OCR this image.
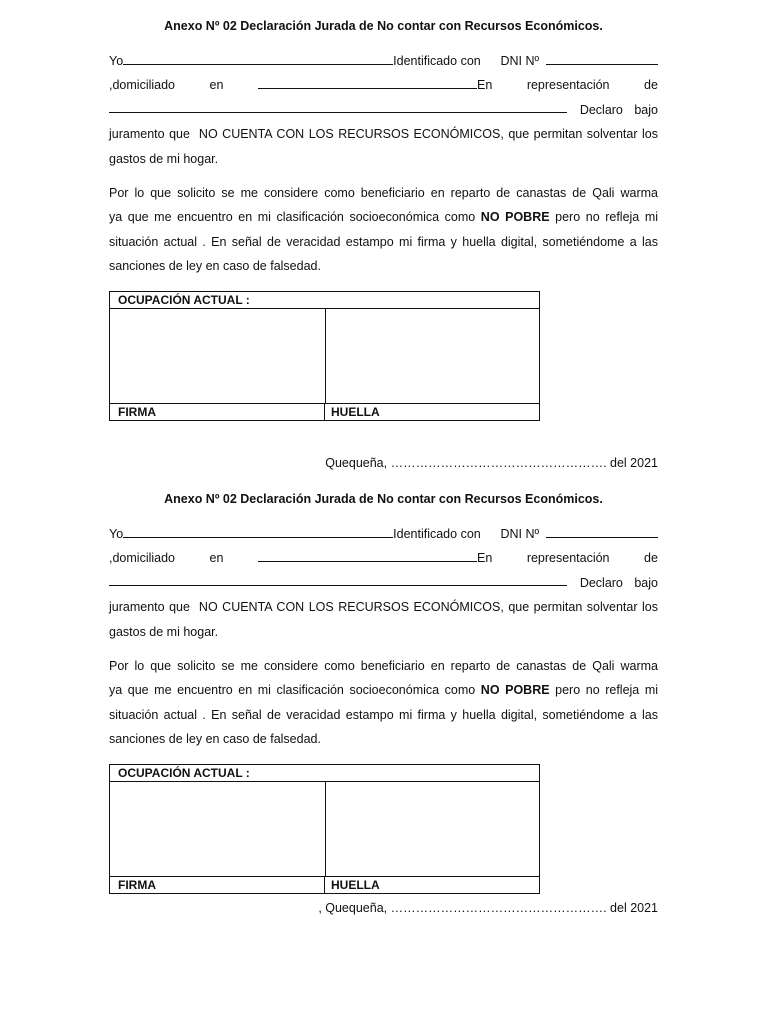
Anexo Nº 02 Declaración Jurada de No contar con Recursos Económicos.
Yo	Identificado con DNI Nº
,domiciliado	en	En	representación	de
Declaro bajo
juramento que NO CUENTA CON LOS RECURSOS ECONÓMICOS, que permitan solventar los
gastos de mi hogar.
Por lo que solicito se me considere como beneficiario en reparto de canastas de Qali warma
ya que me encuentro en mi clasificación socioeconómica como NO POBRE pero no refleja mi
situación actual . En señal de veracidad estampo mi firma y huella digital, sometiéndome a las
sanciones de ley en caso de falsedad.
OCUPACIÓN ACTUAL :
FIRMA	HUELLA
Quequeña, ……………………………………………. del 2021
Anexo Nº 02 Declaración Jurada de No contar con Recursos Económicos.
Yo	Identificado con DNI Nº
,domiciliado	en	En	representación	de
Declaro bajo
juramento que NO CUENTA CON LOS RECURSOS ECONÓMICOS, que permitan solventar los
gastos de mi hogar.
Por lo que solicito se me considere como beneficiario en reparto de canastas de Qali warma
ya que me encuentro en mi clasificación socioeconómica como NO POBRE pero no refleja mi
situación actual . En señal de veracidad estampo mi firma y huella digital, sometiéndome a las
sanciones de ley en caso de falsedad.
OCUPACIÓN ACTUAL :
FIRMA	HUELLA
, Quequeña, ……………………………………………. del 2021
